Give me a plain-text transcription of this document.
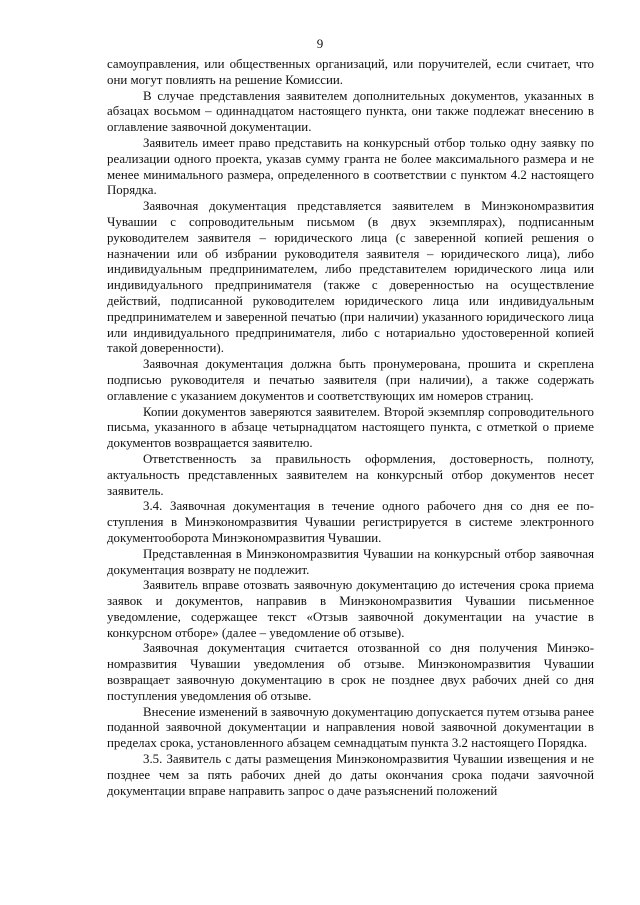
9

самоуправления, или общественных организаций, или поручителей, если считает, что они могут повлиять на решение Комиссии.

В случае представления заявителем дополнительных документов, указанных в абзацах восьмом – одиннадцатом настоящего пункта, они также подлежат внесению в оглавление заявочной документации.

Заявитель имеет право представить на конкурсный отбор только одну заявку по реализации одного проекта, указав сумму гранта не более максимального размера и не менее минимального размера, определенного в соответствии с пунктом 4.2 настоящего Порядка.

Заявочная документация представляется заявителем в Минэкономразвития Чувашии с сопроводительным письмом (в двух экземплярах), подписанным руководителем заявителя – юридического лица (с заверенной копией решения о назначении или об избрании руководителя заявителя – юридического лица), либо индивидуальным предпринимателем, либо представителем юридического лица или индивидуального предпринимателя (также с доверенностью на осуществление действий, подписанной руководителем юридического лица или индивидуальным предпринимателем и заверенной печатью (при наличии) указанного юридического лица или индивидуального предпринимателя, либо с нотариально удостоверенной копией такой доверенности).

Заявочная документация должна быть пронумерована, прошита и скреплена подписью руководителя и печатью заявителя (при наличии), а также содержать оглавление с указанием документов и соответствующих им номеров страниц.

Копии документов заверяются заявителем. Второй экземпляр сопроводительного письма, указанного в абзаце четырнадцатом настоящего пункта, с отметкой о приеме документов возвращается заявителю.

Ответственность за правильность оформления, достоверность, полноту, актуальность представленных заявителем на конкурсный отбор документов несет заявитель.

3.4. Заявочная документация в течение одного рабочего дня со дня ее поступления в Минэкономразвития Чувашии регистрируется в системе электронного документооборота Минэкономразвития Чувашии.

Представленная в Минэкономразвития Чувашии на конкурсный отбор заявочная документация возврату не подлежит.

Заявитель вправе отозвать заявочную документацию до истечения срока приема заявок и документов, направив в Минэкономразвития Чувашии письменное уведомление, содержащее текст «Отзыв заявочной документации на участие в конкурсном отборе» (далее – уведомление об отзыве).

Заявочная документация считается отозванной со дня получения Минэкономразвития Чувашии уведомления об отзыве. Минэкономразвития Чувашии возвращает заявочную документацию в срок не позднее двух рабочих дней со дня поступления уведомления об отзыве.

Внесение изменений в заявочную документацию допускается путем отзыва ранее поданной заявочной документации и направления новой заявочной документации в пределах срока, установленного абзацем семнадцатым пункта 3.2 настоящего Порядка.

3.5. Заявитель с даты размещения Минэкономразвития Чувашии извещения и не позднее чем за пять рабочих дней до даты окончания срока подачи заяvочной документации вправе направить запрос о даче разъяснений положений
